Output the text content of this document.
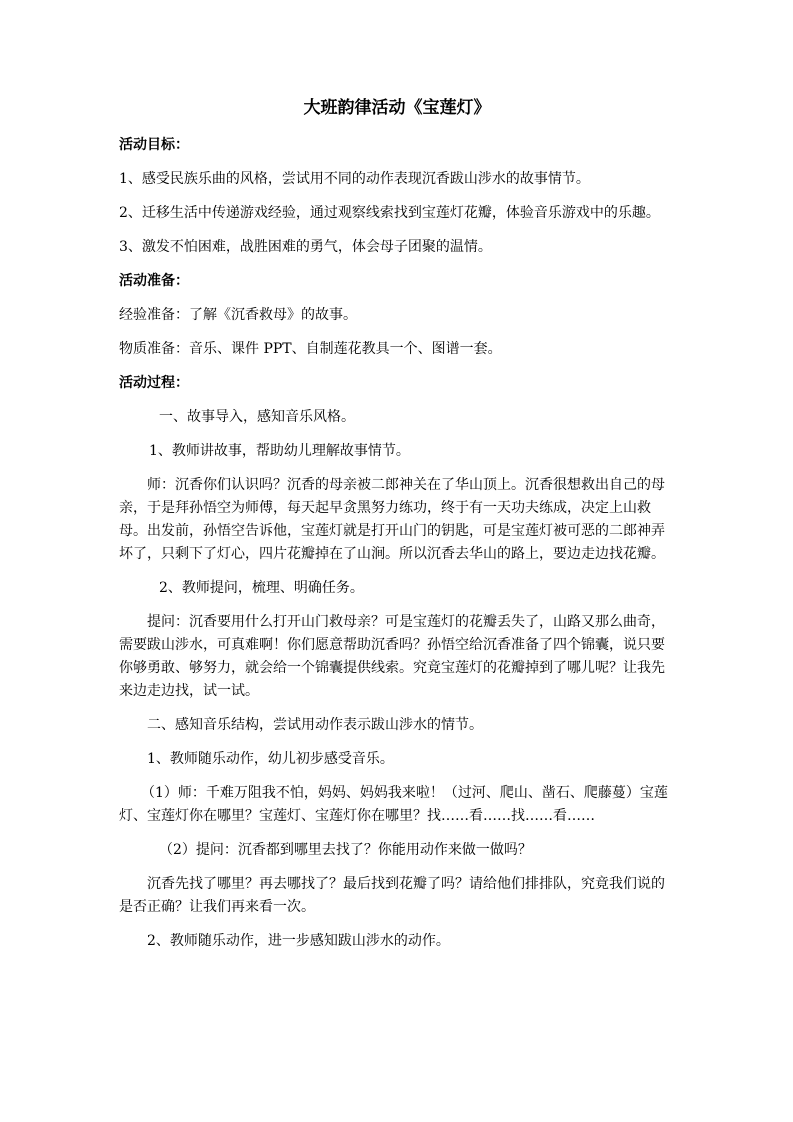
大班韵律活动《宝莲灯》
活动目标：
1、感受民族乐曲的风格，尝试用不同的动作表现沉香跋山涉水的故事情节。
2、迁移生活中传递游戏经验，通过观察线索找到宝莲灯花瓣，体验音乐游戏中的乐趣。
3、激发不怕困难，战胜困难的勇气，体会母子团聚的温情。
活动准备：
经验准备：了解《沉香救母》的故事。
物质准备：音乐、课件 PPT、自制莲花教具一个、图谱一套。
活动过程：
一、故事导入，感知音乐风格。
1、教师讲故事，帮助幼儿理解故事情节。
师：沉香你们认识吗？沉香的母亲被二郎神关在了华山顶上。沉香很想救出自己的母亲，于是拜孙悟空为师傅，每天起早贪黑努力练功，终于有一天功夫练成，决定上山救母。出发前，孙悟空告诉他，宝莲灯就是打开山门的钥匙，可是宝莲灯被可恶的二郎神弄坏了，只剩下了灯心，四片花瓣掉在了山涧。所以沉香去华山的路上，要边走边找花瓣。
2、教师提问，梳理、明确任务。
提问：沉香要用什么打开山门救母亲？可是宝莲灯的花瓣丢失了，山路又那么曲奇，需要跋山涉水，可真难啊！你们愿意帮助沉香吗？孙悟空给沉香准备了四个锦囊，说只要你够勇敢、够努力，就会给一个锦囊提供线索。究竟宝莲灯的花瓣掉到了哪儿呢？让我先来边走边找，试一试。
二、感知音乐结构，尝试用动作表示跋山涉水的情节。
1、教师随乐动作，幼儿初步感受音乐。
（1）师：千难万阻我不怕，妈妈、妈妈我来啦！（过河、爬山、凿石、爬藤蔓）宝莲灯、宝莲灯你在哪里？宝莲灯、宝莲灯你在哪里？找……看……找……看……
（2）提问：沉香都到哪里去找了？你能用动作来做一做吗？
沉香先找了哪里？再去哪找了？最后找到花瓣了吗？请给他们排排队，究竟我们说的是否正确？让我们再来看一次。
2、教师随乐动作，进一步感知跋山涉水的动作。
